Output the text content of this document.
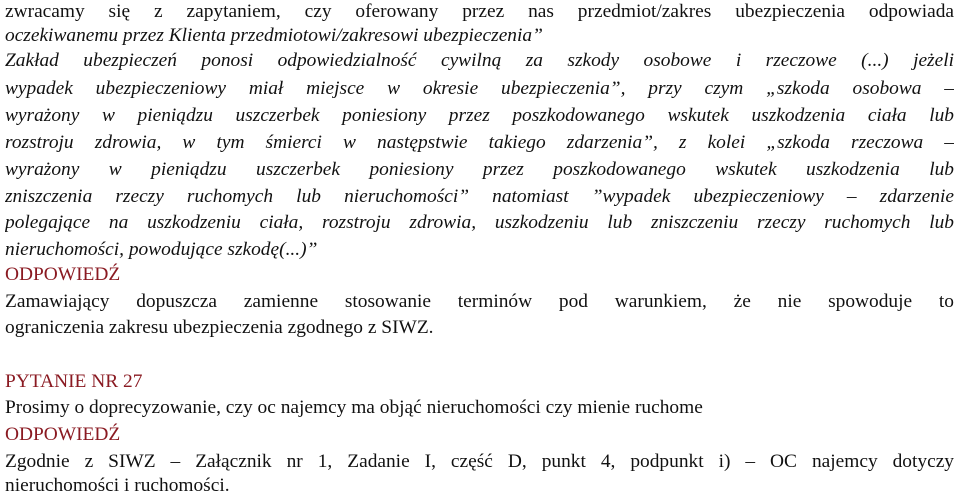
zwracamy się z zapytaniem, czy oferowany przez nas przedmiot/zakres ubezpieczenia odpowiada
oczekiwanemu przez Klienta przedmiotowi/zakresowi ubezpieczenia”
Zakład ubezpieczeń ponosi odpowiedzialność cywilną za szkody osobowe i rzeczowe (...) jeżeli
wypadek ubezpieczeniowy miał miejsce w okresie ubezpieczenia”, przy czym „szkoda osobowa –
wyrażony w pieniądzu uszczerbek poniesiony przez poszkodowanego wskutek uszkodzenia ciała lub
rozstroju zdrowia, w tym śmierci w następstwie takiego zdarzenia”, z kolei „szkoda rzeczowa –
wyrażony w pieniądzu uszczerbek poniesiony przez poszkodowanego wskutek uszkodzenia lub
zniszczenia rzeczy ruchomych lub nieruchomości” natomiast ”wypadek ubezpieczeniowy – zdarzenie
polegające na uszkodzeniu ciała, rozstroju zdrowia, uszkodzeniu lub zniszczeniu rzeczy ruchomych lub
nieruchomości, powodujące szkodę(...)”
ODPOWIEDŹ
Zamawiający dopuszcza zamienne stosowanie terminów pod warunkiem, że nie spowoduje to
ograniczenia zakresu ubezpieczenia zgodnego z SIWZ.
PYTANIE NR 27
Prosimy o doprecyzowanie, czy oc najemcy ma objąć nieruchomości czy mienie ruchome
ODPOWIEDŹ
Zgodnie z SIWZ – Załącznik nr 1, Zadanie I, część D, punkt 4, podpunkt i) – OC najemcy dotyczy
nieruchomości i ruchomości.
